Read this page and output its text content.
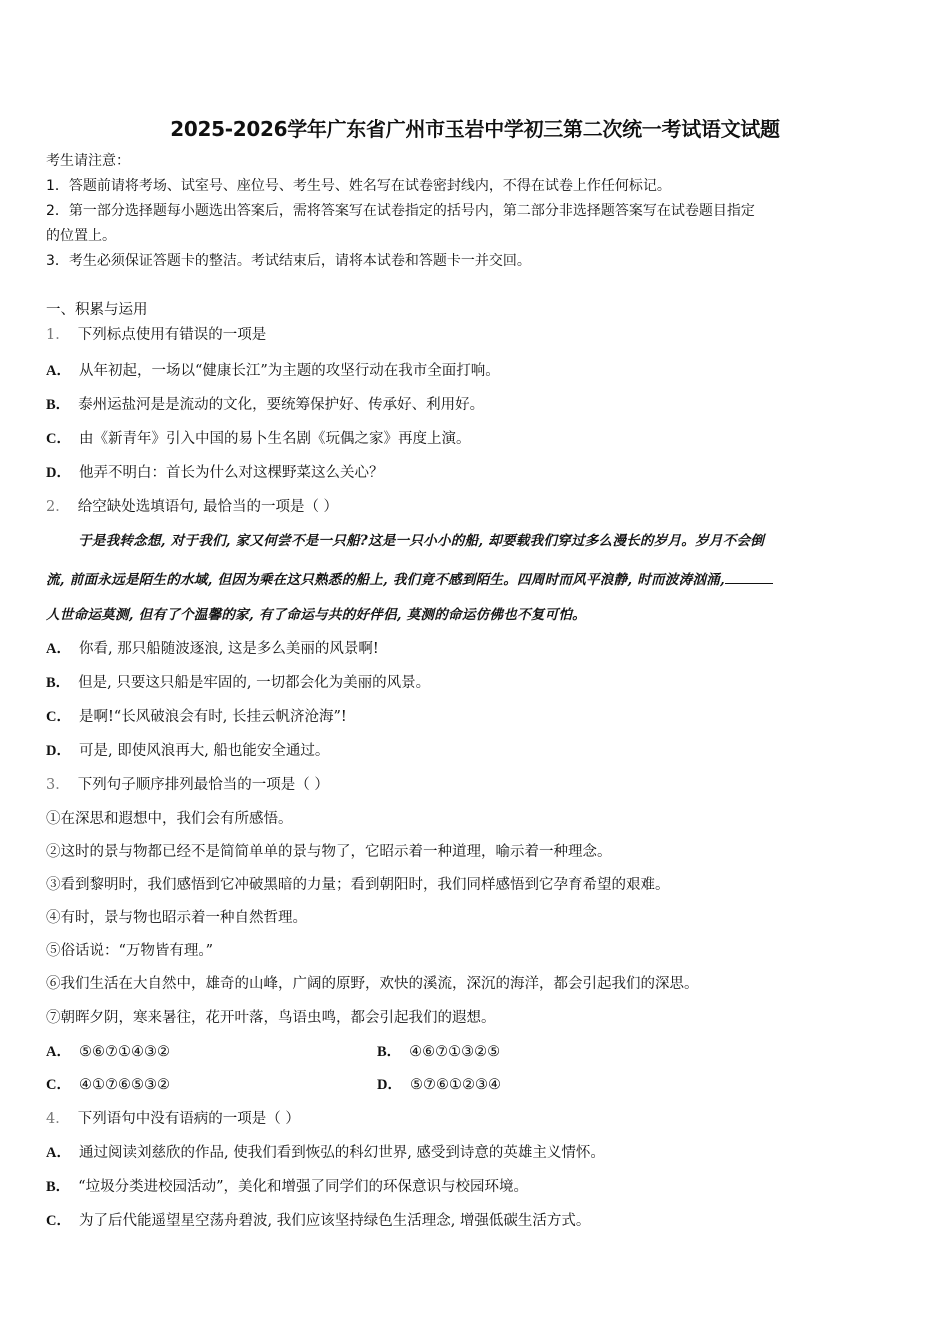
2025-2026学年广东省广州市玉岩中学初三第二次统一考试语文试题
考生请注意：
1．答题前请将考场、试室号、座位号、考生号、姓名写在试卷密封线内，不得在试卷上作任何标记。
2．第一部分选择题每小题选出答案后，需将答案写在试卷指定的括号内，第二部分非选择题答案写在试卷题目指定
的位置上。
3．考生必须保证答题卡的整洁。考试结束后，请将本试卷和答题卡一并交回。
一、积累与运用
1． 下列标点使用有错误的一项是
A． 从年初起，一场以“健康长江”为主题的攻坚行动在我市全面打响。
B． 泰州运盐河是是流动的文化，要统筹保护好、传承好、利用好。
C． 由《新青年》引入中国的易卜生名剧《玩偶之家》再度上演。
D． 他弄不明白：首长为什么对这棵野菜这么关心？
2． 给空缺处选填语句, 最恰当的一项是（ ）
于是我转念想, 对于我们, 家又何尝不是一只船?这是一只小小的船, 却要载我们穿过多么漫长的岁月。岁月不会倒
流, 前面永远是陌生的水域, 但因为乘在这只熟悉的船上, 我们竟不感到陌生。四周时而风平浪静, 时而波涛汹涌,
人世命运莫测, 但有了个温馨的家, 有了命运与共的好伴侣, 莫测的命运仿佛也不复可怕。
A． 你看, 那只船随波逐浪, 这是多么美丽的风景啊!
B． 但是, 只要这只船是牢固的, 一切都会化为美丽的风景。
C． 是啊!“长风破浪会有时, 长挂云帆济沧海”!
D． 可是, 即使风浪再大, 船也能安全通过。
3． 下列句子顺序排列最恰当的一项是（ ）
①在深思和遐想中，我们会有所感悟。
②这时的景与物都已经不是简简单单的景与物了，它昭示着一种道理，喻示着一种理念。
③看到黎明时，我们感悟到它冲破黑暗的力量；看到朝阳时，我们同样感悟到它孕育希望的艰难。
④有时，景与物也昭示着一种自然哲理。
⑤俗话说：“万物皆有理。”
⑥我们生活在大自然中，雄奇的山峰，广阔的原野，欢快的溪流，深沉的海洋，都会引起我们的深思。
⑦朝晖夕阴，寒来暑往，花开叶落，鸟语虫鸣，都会引起我们的遐想。
A． ⑤⑥⑦①④③②	B． ④⑥⑦①③②⑤
C． ④①⑦⑥⑤③②	D． ⑤⑦⑥①②③④
4． 下列语句中没有语病的一项是（ ）
A． 通过阅读刘慈欣的作品, 使我们看到恢弘的科幻世界, 感受到诗意的英雄主义情怀。
B． “垃圾分类进校园活动”，美化和增强了同学们的环保意识与校园环境。
C． 为了后代能遥望星空荡舟碧波, 我们应该坚持绿色生活理念, 增强低碳生活方式。
